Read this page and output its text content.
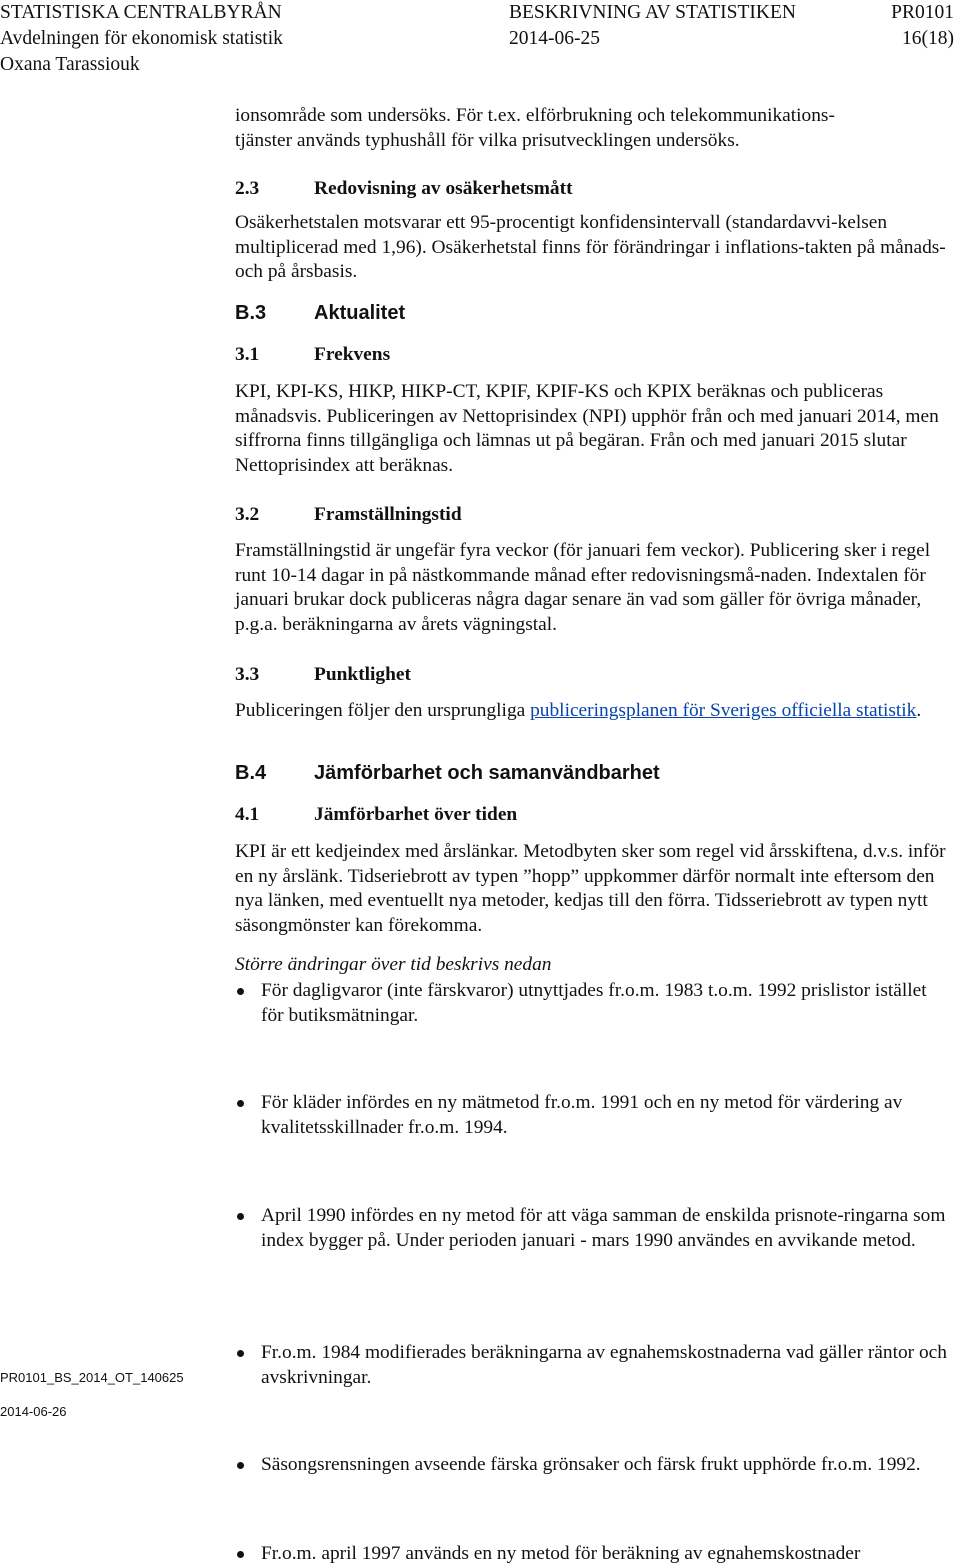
STATISTISKA CENTRALBYRÅN	BESKRIVNING AV STATISTIKEN	PR0101
Avdelningen för ekonomisk statistik	2014-06-25	16(18)
Oxana Tarassiouk

ionsområde som undersöks. För t.ex. elförbrukning och telekommunikations-

tjänster används typhushåll för vilka prisutvecklingen undersöks.

2.3	Redovisning av osäkerhetsmått

Osäkerhetstalen motsvarar ett 95-procentigt konfidensintervall (standardavvi-kelsen multiplicerad med 1,96). Osäkerhetstal finns för förändringar i inflations-takten på månads- och på årsbasis.

B.3 Aktualitet
3.1	Frekvens

KPI, KPI-KS, HIKP, HIKP-CT, KPIF, KPIF-KS och KPIX beräknas och publiceras månadsvis. Publiceringen av Nettoprisindex (NPI) upphör från och med januari 2014, men siffrorna finns tillgängliga och lämnas ut på begäran. Från och med januari 2015 slutar Nettoprisindex att beräknas.

3.2	Framställningstid

Framställningstid är ungefär fyra veckor (för januari fem veckor). Publicering sker i regel runt 10-14 dagar in på nästkommande månad efter redovisningsmå-naden. Indextalen för januari brukar dock publiceras några dagar senare än vad som gäller för övriga månader, p.g.a. beräkningarna av årets vägningstal.

3.3	Punktlighet

Publiceringen följer den ursprungliga publiceringsplanen för Sveriges officiella statistik.

B.4 Jämförbarhet och samanvändbarhet
4.1	Jämförbarhet över tiden

KPI är ett kedjeindex med årslänkar. Metodbyten sker som regel vid årsskiftena, d.v.s. inför en ny årslänk. Tidseriebrott av typen ”hopp” uppkommer därför normalt inte eftersom den nya länken, med eventuellt nya metoder, kedjas till den förra. Tidsseriebrott av typen nytt säsongmönster kan förekomma.

Större ändringar över tid beskrivs nedan

För dagligvaror (inte färskvaror) utnyttjades fr.o.m. 1983 t.o.m. 1992 prislistor istället för butiksmätningar.
För kläder infördes en ny mätmetod fr.o.m. 1991 och en ny metod för värdering av kvalitetsskillnader fr.o.m. 1994.
April 1990 infördes en ny metod för att väga samman de enskilda prisnote-ringarna som index bygger på. Under perioden januari - mars 1990 användes en avvikande metod.
Fr.o.m. 1984 modifierades beräkningarna av egnahemskostnaderna vad gäller räntor och avskrivningar.
Säsongsrensningen avseende färska grönsaker och färsk frukt upphörde fr.o.m. 1992.
Fr.o.m. april 1997 används en ny metod för beräkning av egnahemskostnader
PR0101_BS_2014_OT_140625
2014-06-26
